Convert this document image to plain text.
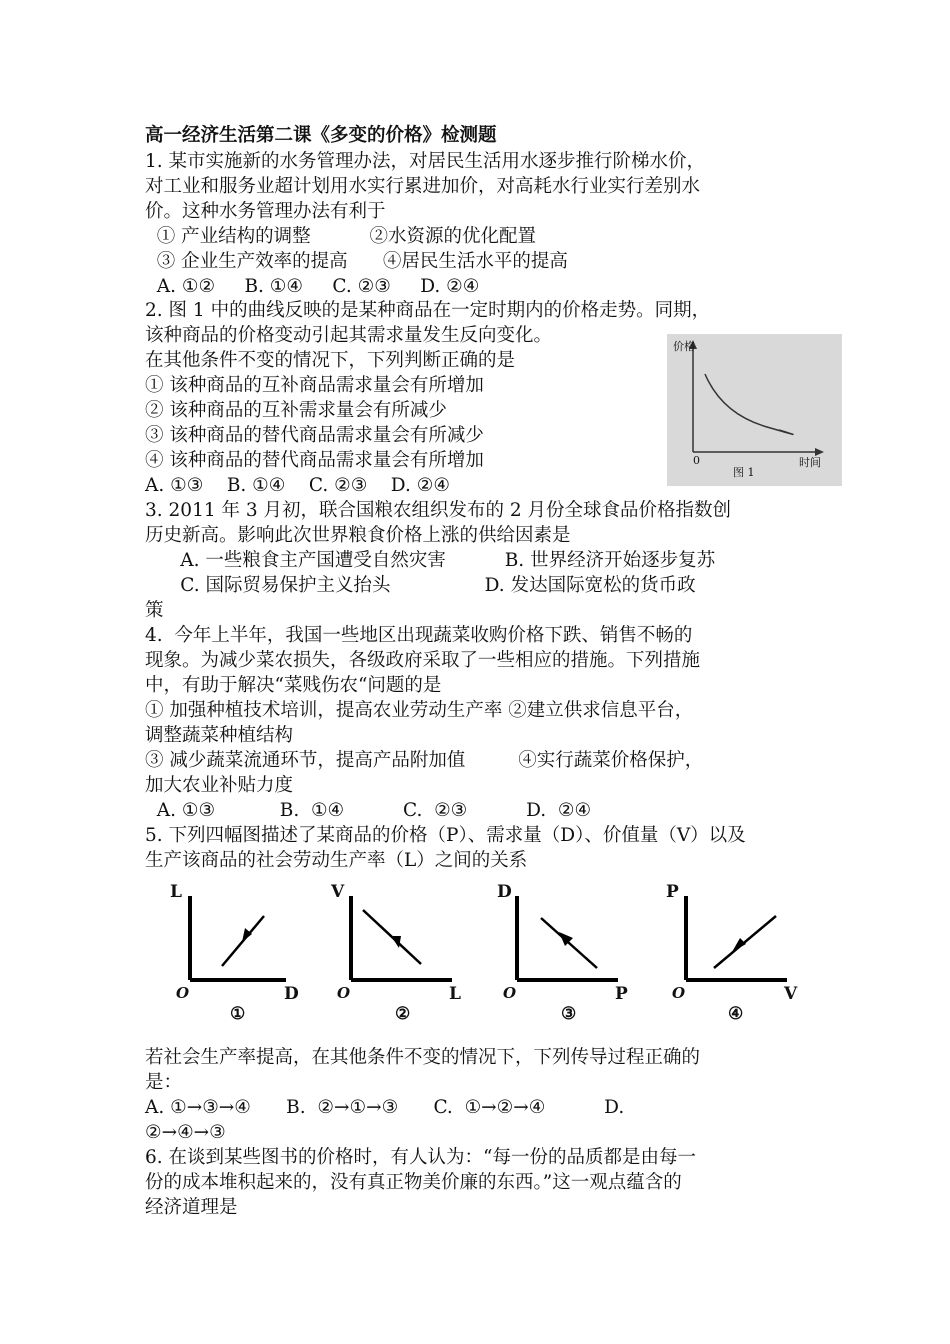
高一经济生活第二课《多变的价格》检测题
1. 某市实施新的水务管理办法，对居民生活用水逐步推行阶梯水价，
对工业和服务业超计划用水实行累进加价，对高耗水行业实行差别水
价。这种水务管理办法有利于
① 产业结构的调整          ②水资源的优化配置
③ 企业生产效率的提高      ④居民生活水平的提高
A. ①②     B. ①④     C. ②③     D. ②④
2. 图 1 中的曲线反映的是某种商品在一定时期内的价格走势。同期，
该种商品的价格变动引起其需求量发生反向变化。
在其他条件不变的情况下，下列判断正确的是
① 该种商品的互补商品需求量会有所增加
② 该种商品的互补需求量会有所减少
③ 该种商品的替代商品需求量会有所减少
④ 该种商品的替代商品需求量会有所增加
A. ①③    B. ①④    C. ②③    D. ②④
价格
时间
0
图 1
3. 2011 年 3 月初，联合国粮农组织发布的 2 月份全球食品价格指数创
历史新高。影响此次世界粮食价格上涨的供给因素是
A. 一些粮食主产国遭受自然灾害          B. 世界经济开始逐步复苏
C. 国际贸易保护主义抬头                D. 发达国际宽松的货币政
策
4.  今年上半年，我国一些地区出现蔬菜收购价格下跌、销售不畅的
现象。为减少菜农损失，各级政府采取了一些相应的措施。下列措施
中，有助于解决“菜贱伤农“问题的是
① 加强种植技术培训，提高农业劳动生产率 ②建立供求信息平台，
调整蔬菜种植结构
③ 减少蔬菜流通环节，提高产品附加值         ④实行蔬菜价格保护，
加大农业补贴力度
A. ①③           B.  ①④          C.  ②③          D.  ②④
5. 下列四幅图描述了某商品的价格（P）、需求量（D）、价值量（V）以及
生产该商品的社会劳动生产率（L）之间的关系
L
D
O
①
V
L
O
②
D
P
O
③
P
V
O
④
若社会生产率提高，在其他条件不变的情况下，下列传导过程正确的
是：
A. ①→③→④      B.  ②→①→③      C.  ①→②→④          D.
②→④→③
6. 在谈到某些图书的价格时，有人认为：“每一份的品质都是由每一
份的成本堆积起来的，没有真正物美价廉的东西。”这一观点蕴含的
经济道理是
